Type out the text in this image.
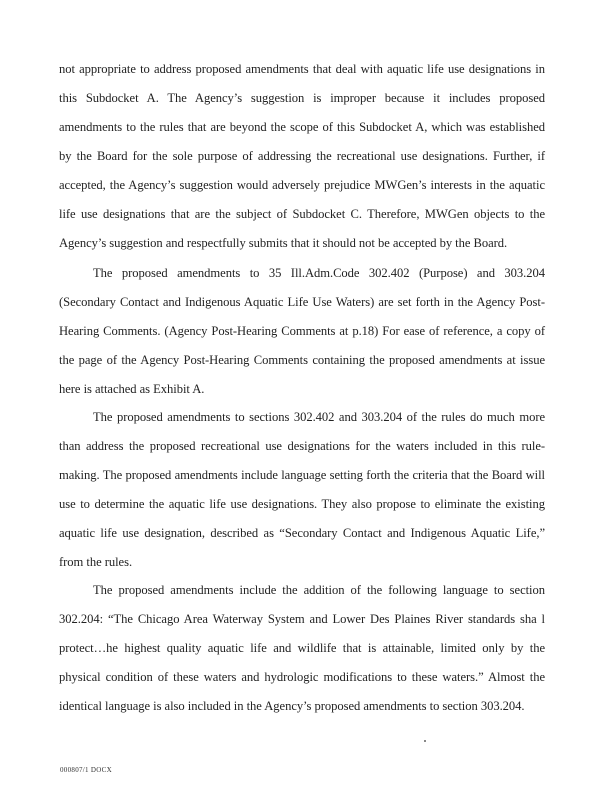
not appropriate to address proposed amendments that deal with aquatic life use designations in this Subdocket A. The Agency’s suggestion is improper because it includes proposed amendments to the rules that are beyond the scope of this Subdocket A, which was established by the Board for the sole purpose of addressing the recreational use designations. Further, if accepted, the Agency’s suggestion would adversely prejudice MWGen’s interests in the aquatic life use designations that are the subject of Subdocket C. Therefore, MWGen objects to the Agency’s suggestion and respectfully submits that it should not be accepted by the Board.

The proposed amendments to 35 Ill.Adm.Code 302.402 (Purpose) and 303.204 (Secondary Contact and Indigenous Aquatic Life Use Waters) are set forth in the Agency Post-Hearing Comments. (Agency Post-Hearing Comments at p.18) For ease of reference, a copy of the page of the Agency Post-Hearing Comments containing the proposed amendments at issue here is attached as Exhibit A.

The proposed amendments to sections 302.402 and 303.204 of the rules do much more than address the proposed recreational use designations for the waters included in this rule-making. The proposed amendments include language setting forth the criteria that the Board will use to determine the aquatic life use designations. They also propose to eliminate the existing aquatic life use designation, described as “Secondary Contact and Indigenous Aquatic Life,” from the rules.

The proposed amendments include the addition of the following language to section 302.204: “The Chicago Area Waterway System and Lower Des Plaines River standards sha l protect…he highest quality aquatic life and wildlife that is attainable, limited only by the physical condition of these waters and hydrologic modifications to these waters.” Almost the identical language is also included in the Agency’s proposed amendments to section 303.204.

000807/1 DOCX
